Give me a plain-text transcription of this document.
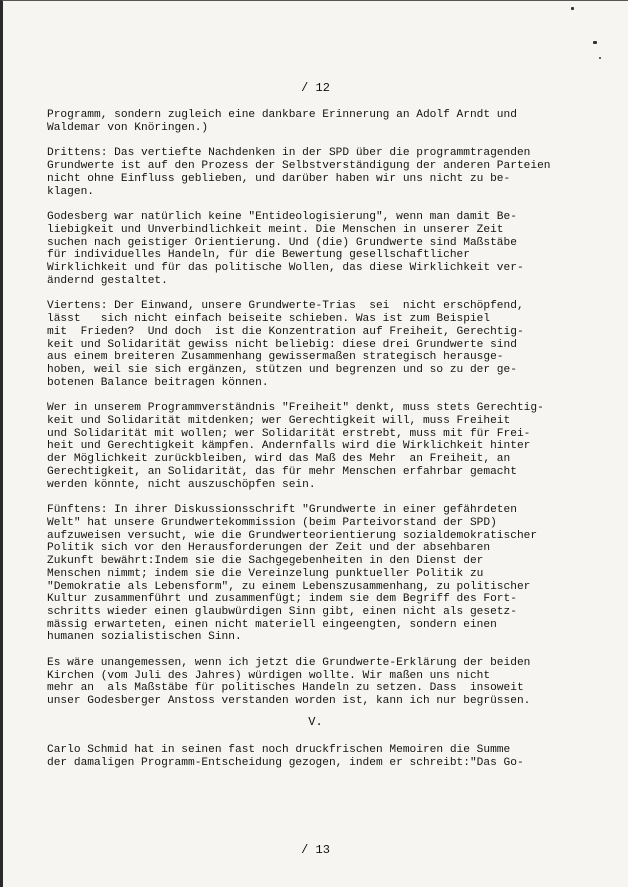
/ 12
Programm, sondern zugleich eine dankbare Erinnerung an Adolf Arndt und
Waldemar von Knöringen.)
Drittens: Das vertiefte Nachdenken in der SPD über die programmtragenden
Grundwerte ist auf den Prozess der Selbstverständigung der anderen Parteien
nicht ohne Einfluss geblieben, und darüber haben wir uns nicht zu be-
klagen.
Godesberg war natürlich keine "Entideologisierung", wenn man damit Be-
liebigkeit und Unverbindlichkeit meint. Die Menschen in unserer Zeit
suchen nach geistiger Orientierung. Und (die) Grundwerte sind Maßstäbe
für individuelles Handeln, für die Bewertung gesellschaftlicher
Wirklichkeit und für das politische Wollen, das diese Wirklichkeit ver-
ändernd gestaltet.
Viertens: Der Einwand, unsere Grundwerte-Trias  sei  nicht erschöpfend,
lässt   sich nicht einfach beiseite schieben. Was ist zum Beispiel
mit  Frieden?  Und doch  ist die Konzentration auf Freiheit, Gerechtig-
keit und Solidarität gewiss nicht beliebig: diese drei Grundwerte sind
aus einem breiteren Zusammenhang gewissermaßen strategisch herausge-
hoben, weil sie sich ergänzen, stützen und begrenzen und so zu der ge-
botenen Balance beitragen können.
Wer in unserem Programmverständnis "Freiheit" denkt, muss stets Gerechtig-
keit und Solidarität mitdenken; wer Gerechtigkeit will, muss Freiheit
und Solidarität mit wollen; wer Solidarität erstrebt, muss mit für Frei-
heit und Gerechtigkeit kämpfen. Andernfalls wird die Wirklichkeit hinter
der Möglichkeit zurückbleiben, wird das Maß des Mehr  an Freiheit, an
Gerechtigkeit, an Solidarität, das für mehr Menschen erfahrbar gemacht
werden könnte, nicht auszuschöpfen sein.
Fünftens: In ihrer Diskussionsschrift "Grundwerte in einer gefährdeten
Welt" hat unsere Grundwertekommission (beim Parteivorstand der SPD)
aufzuweisen versucht, wie die Grundwerteorientierung sozialdemokratischer
Politik sich vor den Herausforderungen der Zeit und der absehbaren
Zukunft bewährt:Indem sie die Sachgegebenheiten in den Dienst der
Menschen nimmt; indem sie die Vereinzelung punktueller Politik zu
"Demokratie als Lebensform", zu einem Lebenszusammenhang, zu politischer
Kultur zusammenführt und zusammenfügt; indem sie dem Begriff des Fort-
schritts wieder einen glaubwürdigen Sinn gibt, einen nicht als gesetz-
mässig erwarteten, einen nicht materiell eingeengten, sondern einen
humanen sozialistischen Sinn.
Es wäre unangemessen, wenn ich jetzt die Grundwerte-Erklärung der beiden
Kirchen (vom Juli des Jahres) würdigen wollte. Wir maßen uns nicht
mehr an  als Maßstäbe für politisches Handeln zu setzen. Dass  insoweit
unser Godesberger Anstoss verstanden worden ist, kann ich nur begrüssen.
V.
Carlo Schmid hat in seinen fast noch druckfrischen Memoiren die Summe
der damaligen Programm-Entscheidung gezogen, indem er schreibt:"Das Go-
/ 13
